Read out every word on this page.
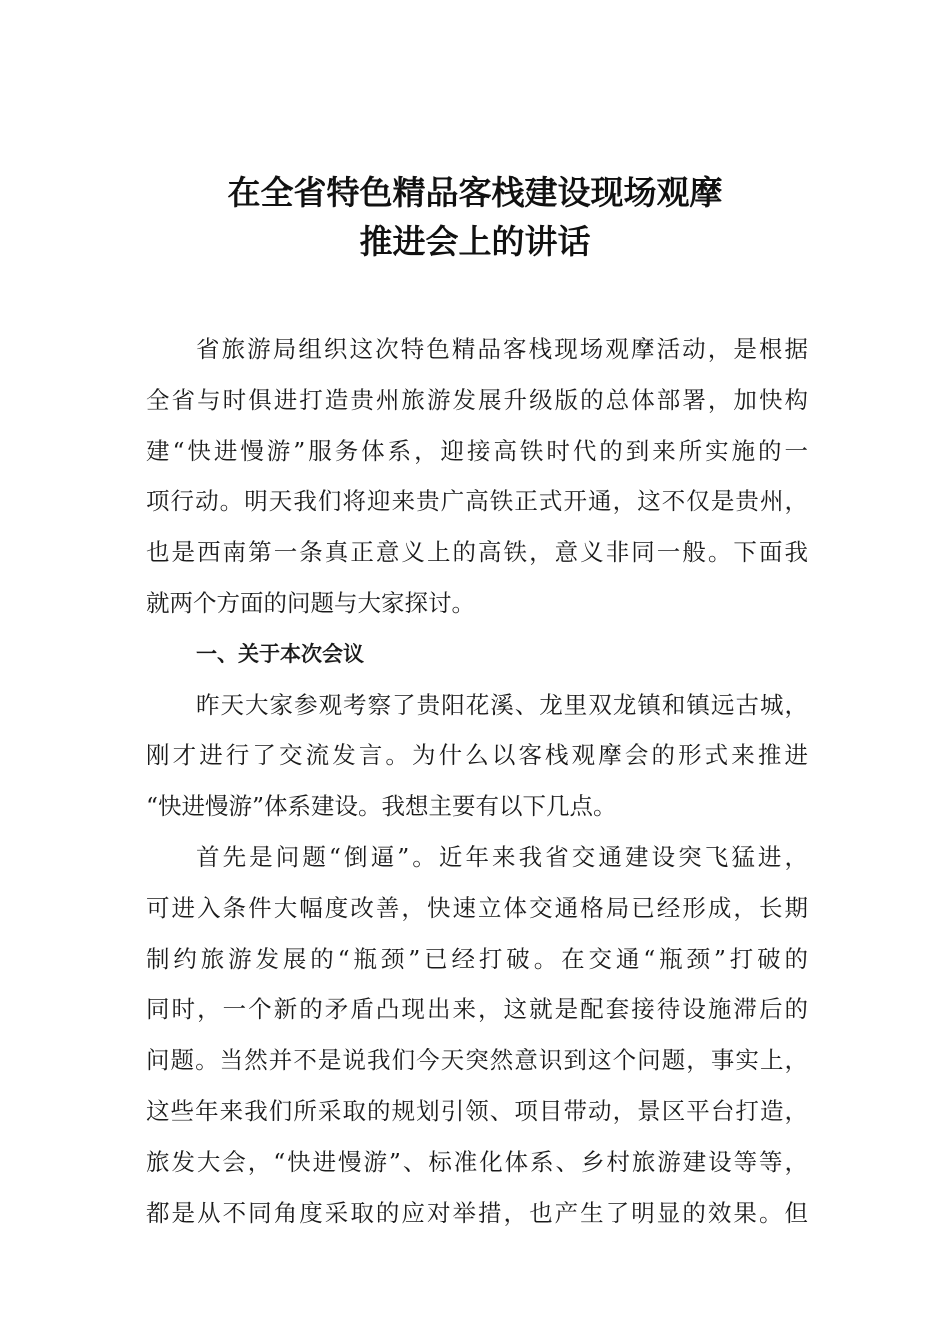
在全省特色精品客栈建设现场观摩
推进会上的讲话
省旅游局组织这次特色精品客栈现场观摩活动，是根据
全省与时俱进打造贵州旅游发展升级版的总体部署，加快构
建“快进慢游”服务体系，迎接高铁时代的到来所实施的一
项行动。明天我们将迎来贵广高铁正式开通，这不仅是贵州，
也是西南第一条真正意义上的高铁，意义非同一般。下面我
就两个方面的问题与大家探讨。
一、关于本次会议
昨天大家参观考察了贵阳花溪、龙里双龙镇和镇远古城，
刚才进行了交流发言。为什么以客栈观摩会的形式来推进
“快进慢游”体系建设。我想主要有以下几点。
首先是问题“倒逼”。近年来我省交通建设突飞猛进，
可进入条件大幅度改善，快速立体交通格局已经形成，长期
制约旅游发展的“瓶颈”已经打破。在交通“瓶颈”打破的
同时，一个新的矛盾凸现出来，这就是配套接待设施滞后的
问题。当然并不是说我们今天突然意识到这个问题，事实上，
这些年来我们所采取的规划引领、项目带动，景区平台打造，
旅发大会，“快进慢游”、标准化体系、乡村旅游建设等等，
都是从不同角度采取的应对举措，也产生了明显的效果。但
